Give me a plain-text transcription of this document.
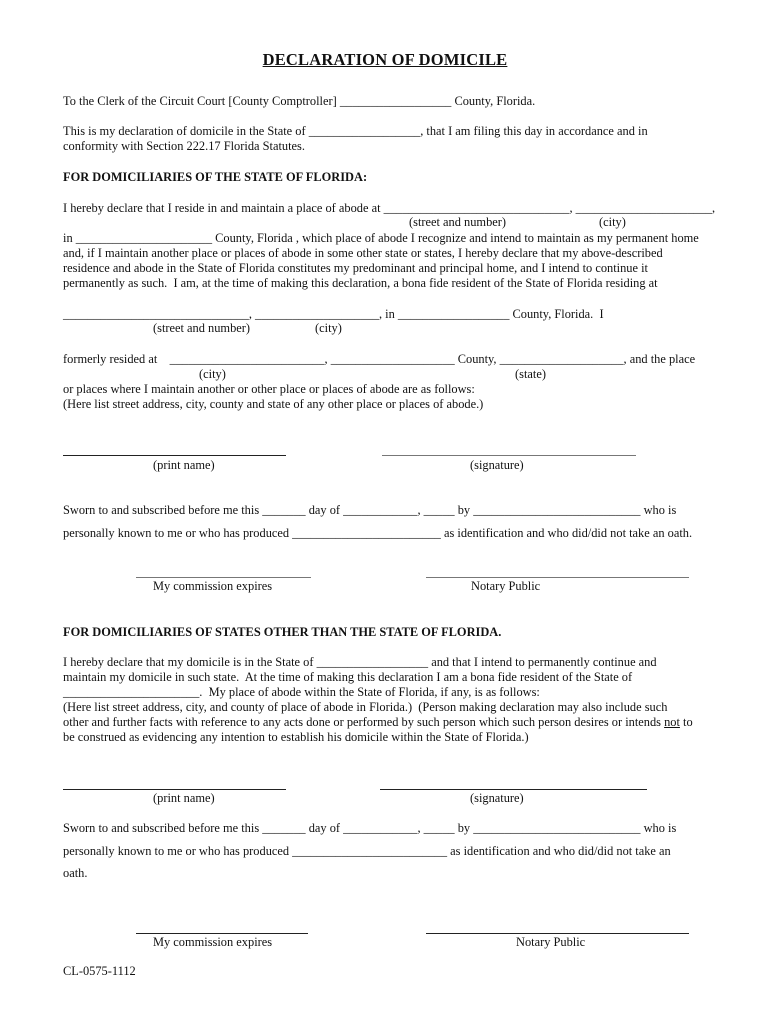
DECLARATION OF DOMICILE
To the Clerk of the Circuit Court [County Comptroller] __________________ County, Florida.
This is my declaration of domicile in the State of __________________, that I am filing this day in accordance and in
conformity with Section 222.17 Florida Statutes.
FOR DOMICILIARIES OF THE STATE OF FLORIDA:
I hereby declare that I reside in and maintain a place of abode at ______________________________, ______________________,
(street and number)	(city)
in ______________________ County, Florida , which place of abode I recognize and intend to maintain as my permanent home
and, if I maintain another place or places of abode in some other state or states, I hereby declare that my above-described
residence and abode in the State of Florida constitutes my predominant and principal home, and I intend to continue it
permanently as such.  I am, at the time of making this declaration, a bona fide resident of the State of Florida residing at
______________________________, ____________________, in __________________ County, Florida.  I
(street and number)	(city)
formerly resided at    _________________________, ____________________ County, ____________________, and the place
(city)	(state)
or places where I maintain another or other place or places of abode are as follows:
(Here list street address, city, county and state of any other place or places of abode.)
(print name)	(signature)
Sworn to and subscribed before me this _______ day of ____________, _____ by ___________________________ who is
personally known to me or who has produced ________________________ as identification and who did/did not take an oath.
My commission expires	Notary Public
FOR DOMICILIARIES OF STATES OTHER THAN THE STATE OF FLORIDA.
I hereby declare that my domicile is in the State of __________________ and that I intend to permanently continue and
maintain my domicile in such state.  At the time of making this declaration I am a bona fide resident of the State of
______________________.  My place of abode within the State of Florida, if any, is as follows:
(Here list street address, city, and county of place of abode in Florida.)  (Person making declaration may also include such
other and further facts with reference to any acts done or performed by such person which such person desires or intends not to
be construed as evidencing any intention to establish his domicile within the State of Florida.)
(print name)	(signature)
Sworn to and subscribed before me this _______ day of ____________, _____ by ___________________________ who is
personally known to me or who has produced _________________________ as identification and who did/did not take an
oath.
My commission expires	Notary Public
CL-0575-1112
